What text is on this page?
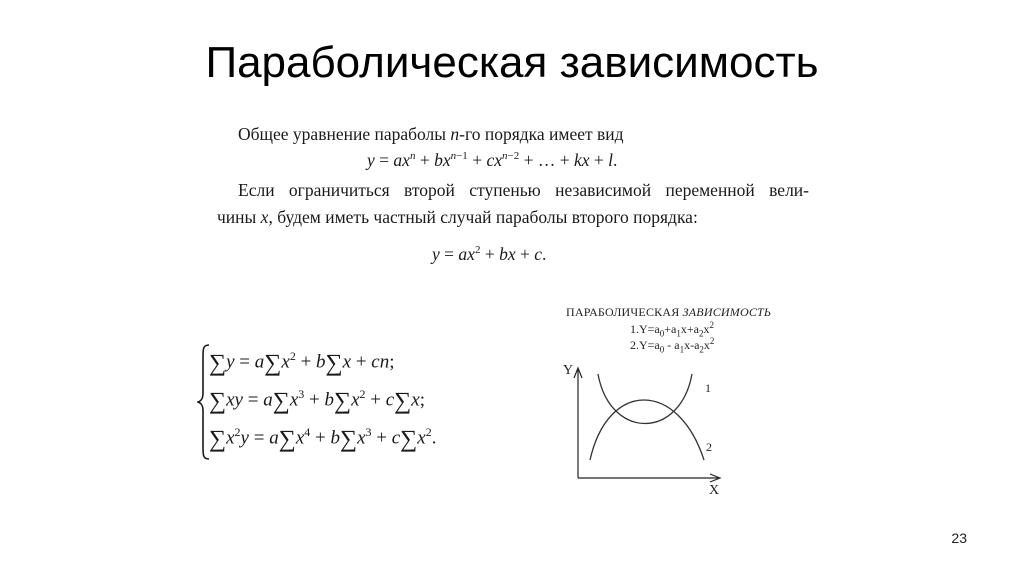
Параболическая зависимость
Общее уравнение параболы n-го порядка имеет вид
$y = ax^n + bx^{n-1} + cx^{n-2}$ + … + kx + l.
Если ограничиться второй ступенью независимой переменной вели-
чины x, будем иметь частный случай параболы второго порядка:
$y = ax^2$ + bx + c.
$\sum y = a\sum x^2 + b\sum x$ + cn;
$\sum xy = a\sum x^3 + b\sum x^2 + c\sum x$;
$\sum x^2y = a\sum x^4 + b\sum x^3 + c\sum x^2$.
ПАРАБОЛИЧЕСКАЯ ЗАВИСИМОСТЬ
$1.Y=a_0+a_1x+a_2x^2$
$2.Y=a_0 - a_1x-a_2x^2$
Y
X
1
2
23
